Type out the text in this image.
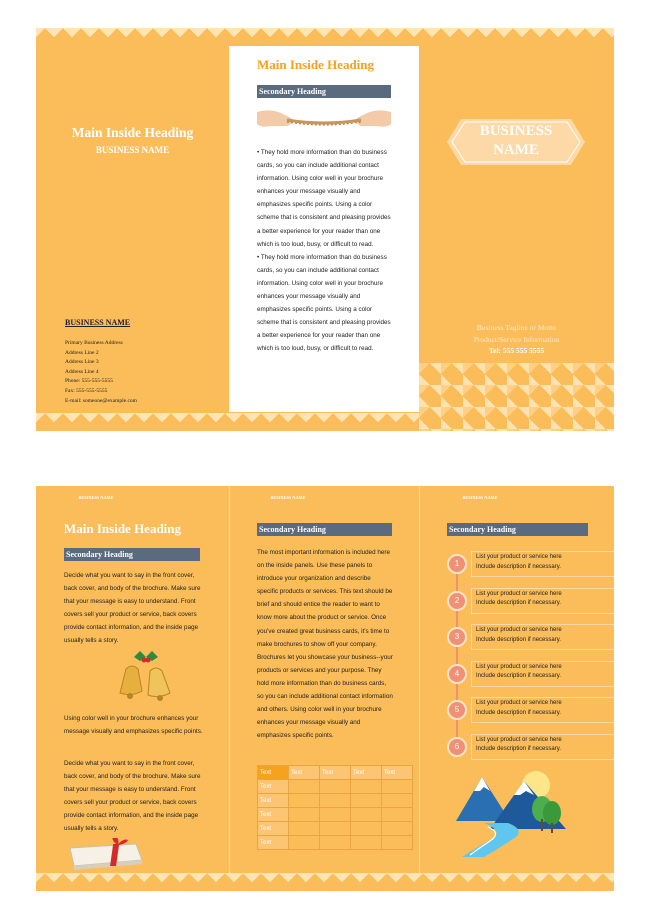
Main Inside Heading
BUSINESS NAME
BUSINESS NAME
Primary Business Address
Address Line 2
Address Line 3
Address Line 4
Phone: 555-555-5555
Fax: 555-555-5555
E-mail: someone@example.com
Main Inside Heading
Secondary Heading
• They hold more information than do business cards, so you can include additional contact information. Using color well in your brochure enhances your message visually and emphasizes specific points. Using a color scheme that is consistent and pleasing provides a better experience for your reader than one which is too loud, busy, or difficult to read.
• They hold more information than do business cards, so you can include additional contact information. Using color well in your brochure enhances your message visually and emphasizes specific points. Using a color scheme that is consistent and pleasing provides a better experience for your reader than one which is too loud, busy, or difficult to read.
BUSINESS
NAME
Business Tagline or Motto
Product/Service Information
Tel: 555 555 5555
BUSINESS NAME	BUSINESS NAME	BUSINESS NAME
Main Inside Heading
Secondary Heading
Decide what you want to say in the front cover, back cover, and body of the brochure. Make sure that your message is easy to understand. Front covers sell your product or service, back covers provide contact information, and the inside page usually tells a story.
Using color well in your brochure enhances your message visually and emphasizes specific points.
Decide what you want to say in the front cover, back cover, and body of the brochure. Make sure that your message is easy to understand. Front covers sell your product or service, back covers provide contact information, and the inside page usually tells a story.
Secondary Heading
The most important information is included here on the inside panels. Use these panels to introduce your organization and describe specific products or services. This text should be brief and should entice the reader to want to know more about the product or service. Once you've created great business cards, it's time to make brochures to show off your company. Brochures let you showcase your business--your products or services and your purpose. They hold more information than do business cards, so you can include additional contact information and others. Using color well in your brochure enhances your message visually and emphasizes specific points.
Text	Text	Text	Text	Text
Text				
Text				
Text				
Text				
Text				
Secondary Heading
1
List your product or service here
Include description if necessary.
2
List your product or service here
Include description if necessary.
3
List your product or service here
Include description if necessary.
4
List your product or service here
Include description if necessary.
5
List your product or service here
Include description if necessary.
6
List your product or service here
Include description if necessary.
